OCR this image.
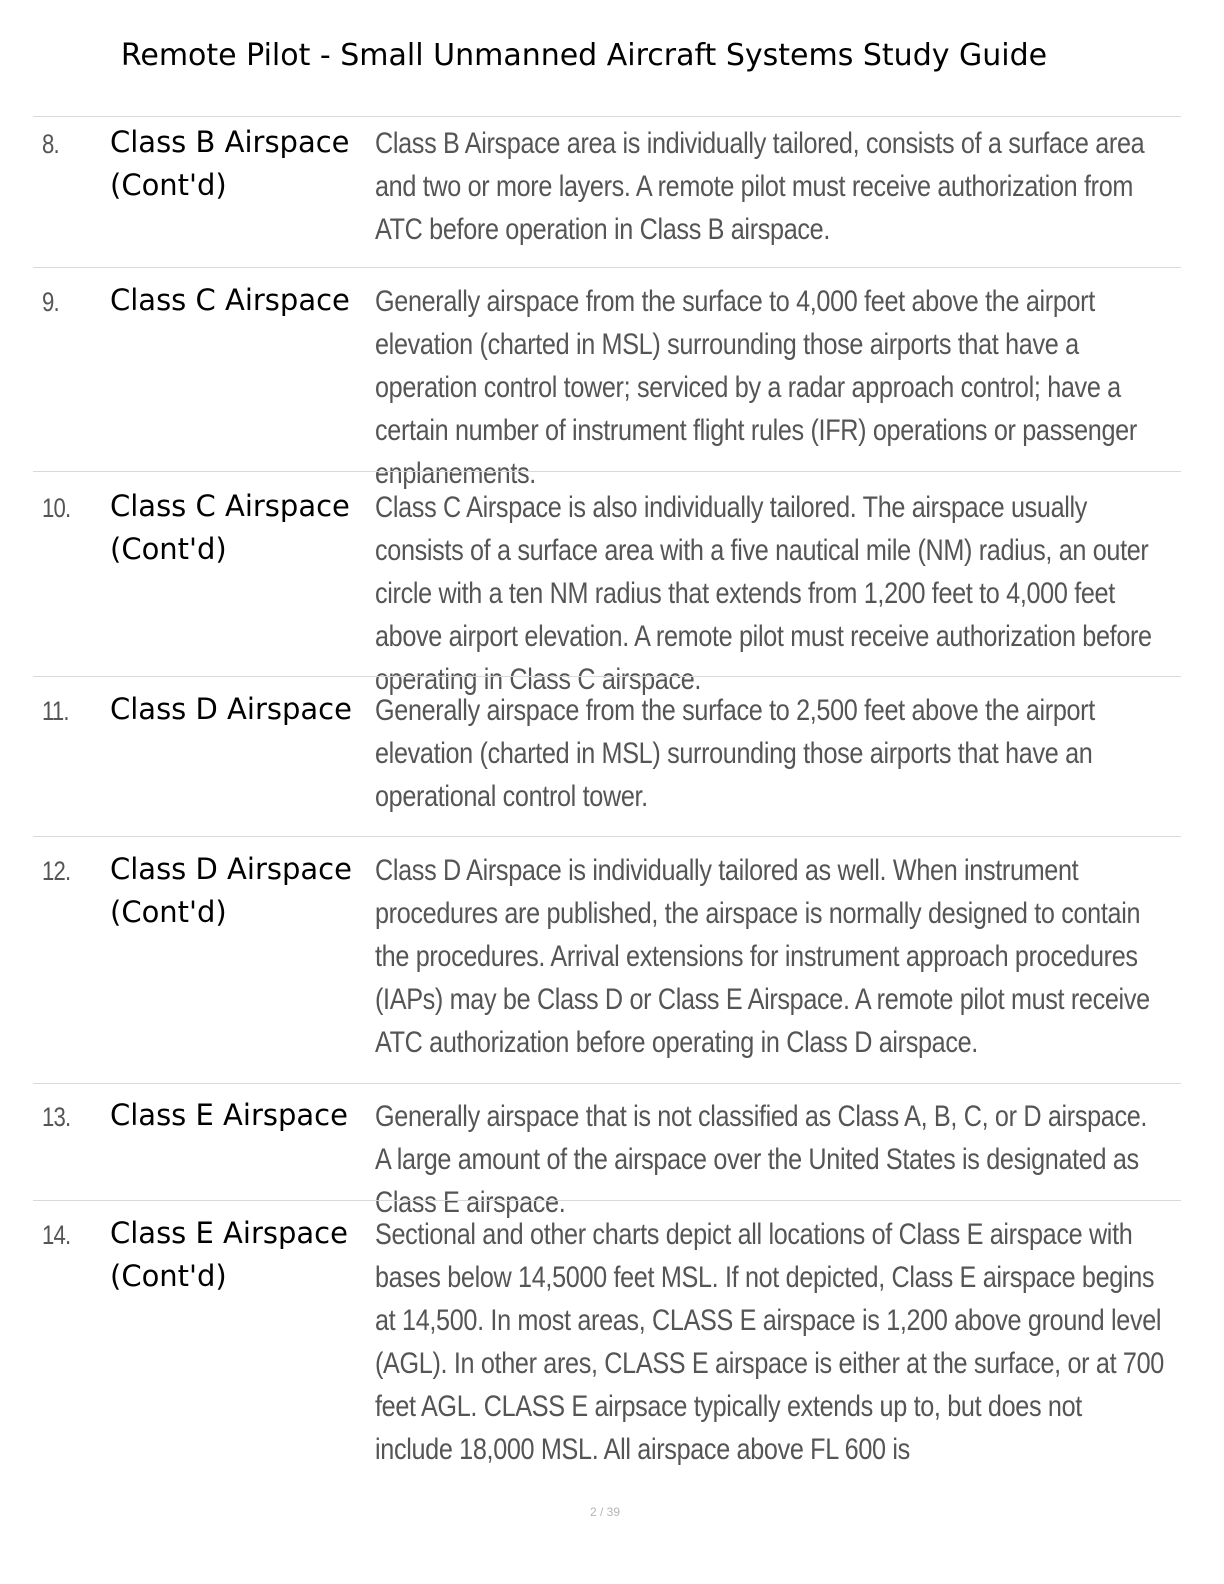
Remote Pilot - Small Unmanned Aircraft Systems Study Guide
8. Class B Airspace
(Cont'd)
Class B Airspace area is individually tailored, consists of a surface area and two or more layers. A remote pilot must receive authorization from ATC before operation in Class B airspace.
9. Class C Airspace Generally airspace from the surface to 4,000 feet above the airport elevation (charted in MSL) surrounding those airports that have a operation control tower; serviced by a radar approach control; have a certain number of instrument flight rules (IFR) operations or passenger enplanements.
10. Class C Airspace
(Cont'd)
Class C Airspace is also individually tailored. The airspace usually consists of a surface area with a five nautical mile (NM) radius, an outer circle with a ten NM radius that extends from 1,200 feet to 4,000 feet above airport elevation. A remote pilot must receive authorization before operating in Class C airspace.
11. Class D Airspace Generally airspace from the surface to 2,500 feet above the airport elevation (charted in MSL) surrounding those airports that have an operational control tower.
12. Class D Airspace
(Cont'd)
Class D Airspace is individually tailored as well. When instrument procedures are published, the airspace is normally designed to contain the procedures. Arrival extensions for instrument approach procedures (IAPs) may be Class D or Class E Airspace. A remote pilot must receive ATC authorization before operating in Class D airspace.
13. Class E Airspace Generally airspace that is not classified as Class A, B, C, or D airspace. A large amount of the airspace over the United States is designated as Class E airspace.
14. Class E Airspace
(Cont'd)
Sectional and other charts depict all locations of Class E airspace with bases below 14,5000 feet MSL. If not depicted, Class E airspace begins at 14,500. In most areas, CLASS E airspace is 1,200 above ground level (AGL). In other ares, CLASS E airspace is either at the surface, or at 700 feet AGL. CLASS E airpsace typically extends up to, but does not include 18,000 MSL. All airspace above FL 600 is
2 / 39
